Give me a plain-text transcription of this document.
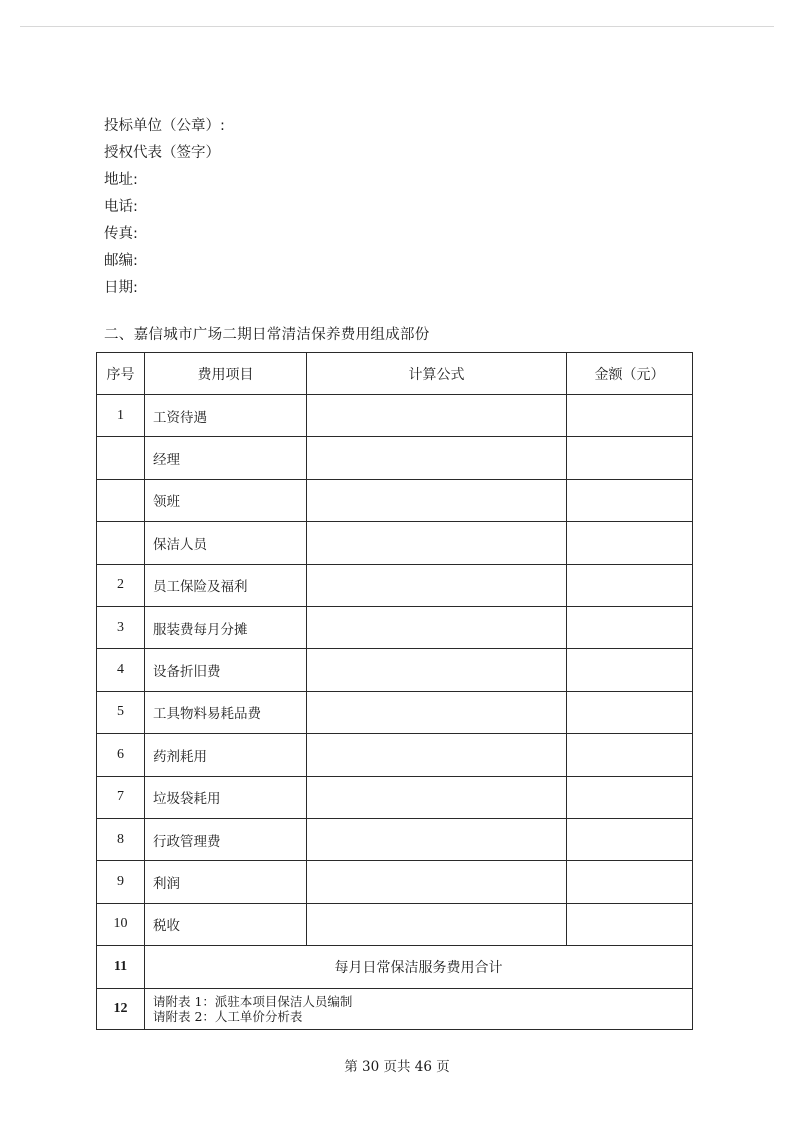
投标单位（公章）:
授权代表（签字）
地址:
电话:
传真:
邮编:
日期:
二、嘉信城市广场二期日常清洁保养费用组成部份
序号	费用项目	计算公式	金额（元）
1	工资待遇		
	经理		
	领班		
	保洁人员		
2	员工保险及福利		
3	服装费每月分摊		
4	设备折旧费		
5	工具物料易耗品费		
6	药剂耗用		
7	垃圾袋耗用		
8	行政管理费		
9	利润		
10	税收		
11	每月日常保洁服务费用合计		
12	请附表 1：派驻本项目保洁人员编制
请附表 2：人工单价分析表		
第 30 页共 46 页
